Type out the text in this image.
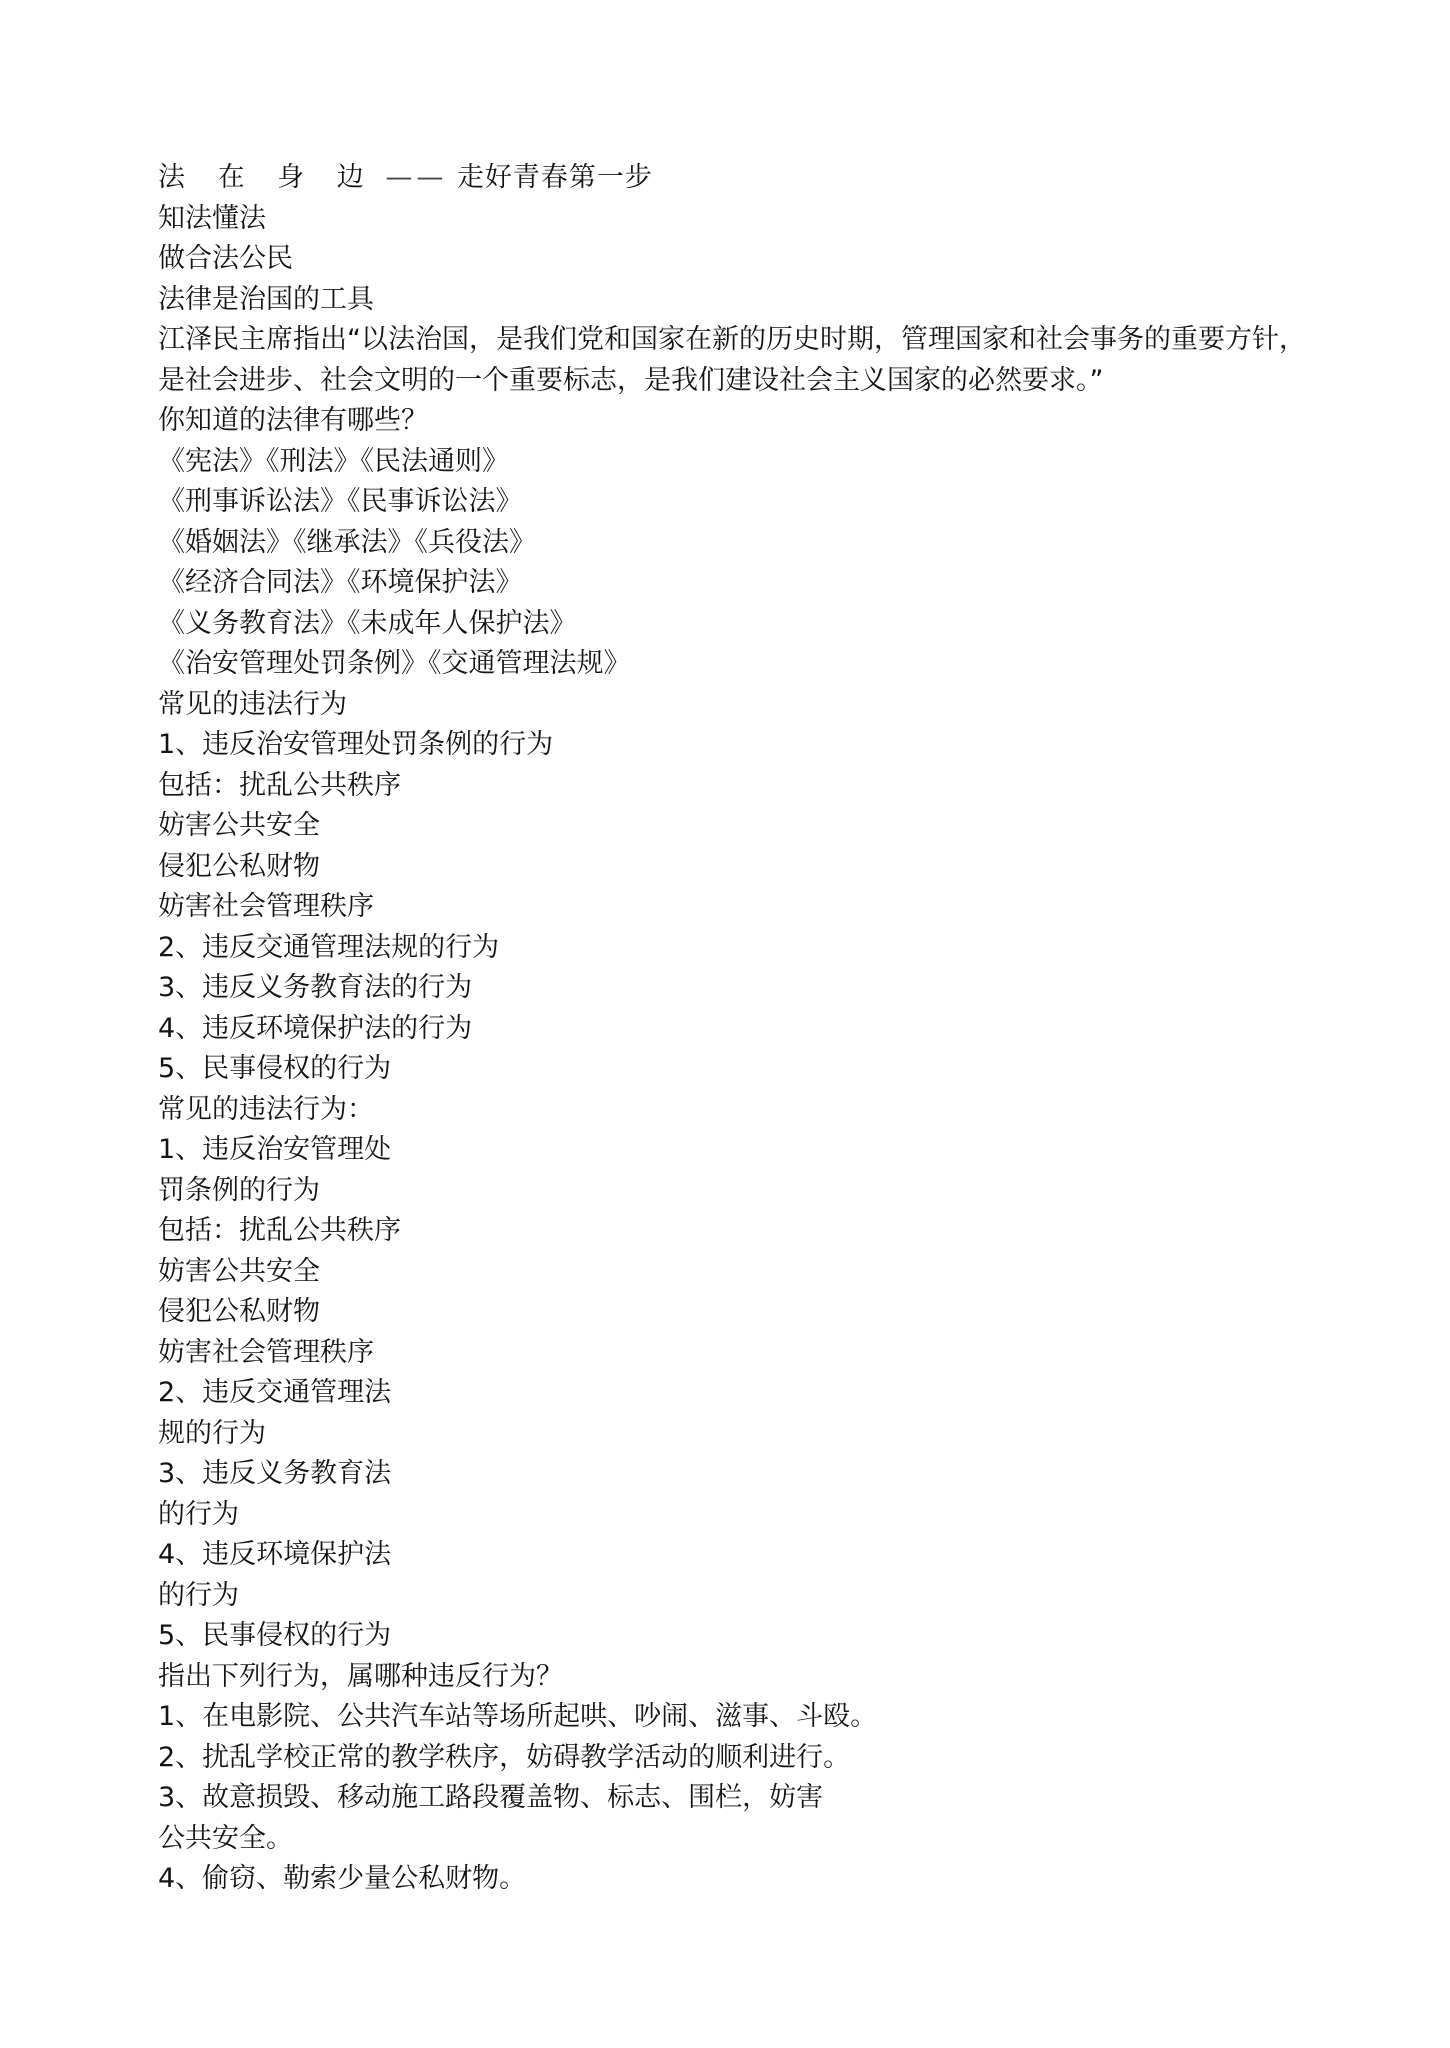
法 在 身 边 —— 走好青春第一步
知法懂法
做合法公民
法律是治国的工具
江泽民主席指出“以法治国，是我们党和国家在新的历史时期，管理国家和社会事务的重要方针，
是社会进步、社会文明的一个重要标志，是我们建设社会主义国家的必然要求。”
你知道的法律有哪些？
《宪法》《刑法》《民法通则》
《刑事诉讼法》《民事诉讼法》
《婚姻法》《继承法》《兵役法》
《经济合同法》《环境保护法》
《义务教育法》《未成年人保护法》
《治安管理处罚条例》《交通管理法规》
常见的违法行为
1、违反治安管理处罚条例的行为
包括：扰乱公共秩序
妨害公共安全
侵犯公私财物
妨害社会管理秩序
2、违反交通管理法规的行为
3、违反义务教育法的行为
4、违反环境保护法的行为
5、民事侵权的行为
常见的违法行为：
1、违反治安管理处
罚条例的行为
包括：扰乱公共秩序
妨害公共安全
侵犯公私财物
妨害社会管理秩序
2、违反交通管理法
规的行为
3、违反义务教育法
的行为
4、违反环境保护法
的行为
5、民事侵权的行为
指出下列行为，属哪种违反行为？
1、在电影院、公共汽车站等场所起哄、吵闹、滋事、斗殴。
2、扰乱学校正常的教学秩序，妨碍教学活动的顺利进行。
3、故意损毁、移动施工路段覆盖物、标志、围栏，妨害
公共安全。
4、偷窃、勒索少量公私财物。
